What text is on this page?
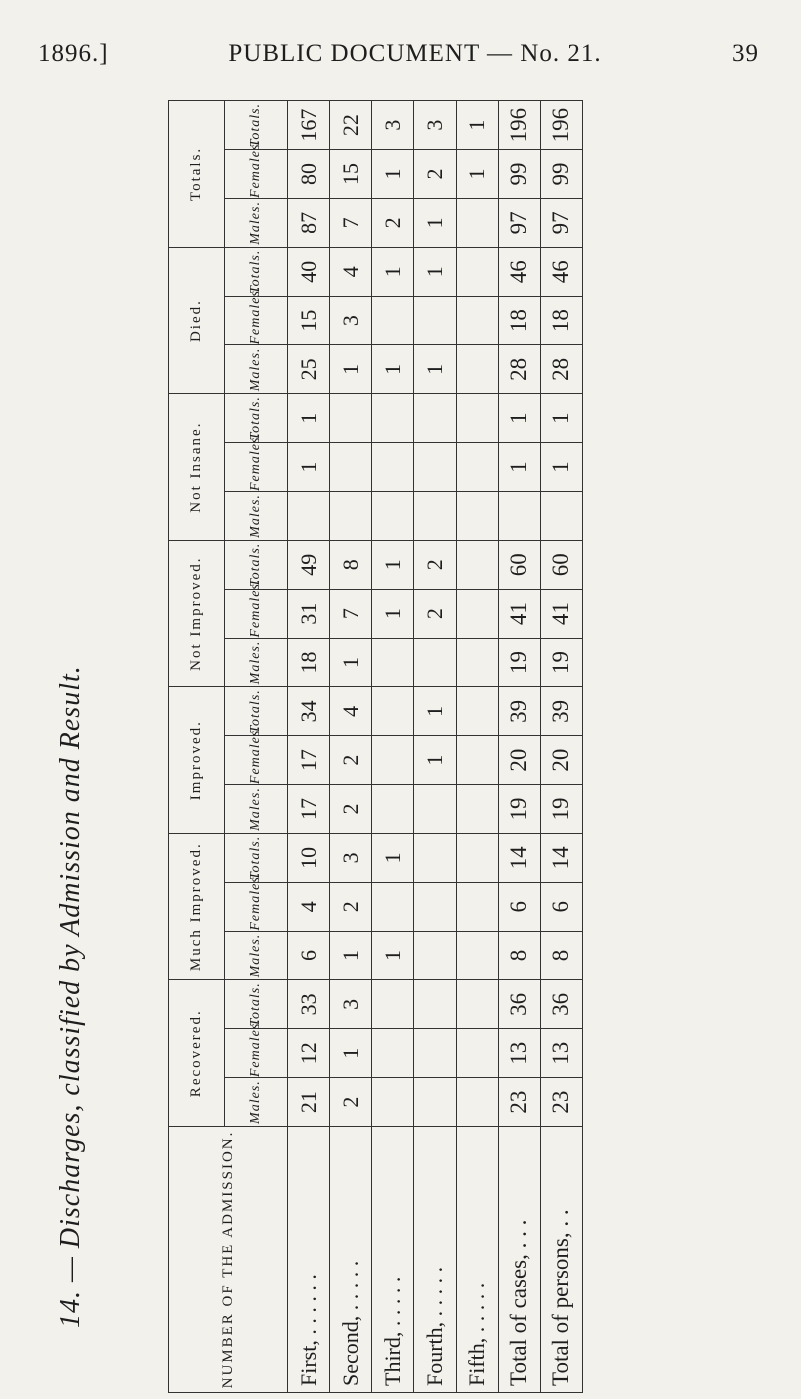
1896.]	PUBLIC DOCUMENT — No. 21.	39
14. — Discharges, classified by Admission and Result.	NUMBER OF THE ADMISSION.	Recovered.			Much Improved.			Improved.			Not Improved.			Not Insane.			Died.			Totals.		
	Males.	Females.	Totals.	Males.	Females.	Totals.	Males.	Females.	Totals.	Males.	Females.	Totals.	Males.	Females.	Totals.	Males.	Females.	Totals.	Males.	Females.	Totals.
First, . . . . . .	21	12	33	6	4	10	17	17	34	18	31	49		1	1	25	15	40	87	80	167
Second, . . . . .	2	1	3	1	2	3	2	2	4	1	7	8				1	3	4	7	15	22
Third, . . . . .				1		1					1	1				1		1	2	1	3
Fourth, . . . . .								1	1		2	2				1		1	1	2	3
Fifth, . . . . .																				1	1
Total of cases, . . .	23	13	36	8	6	14	19	20	39	19	41	60		1	1	28	18	46	97	99	196
Total of persons, . .	23	13	36	8	6	14	19	20	39	19	41	60		1	1	28	18	46	97	99	196
